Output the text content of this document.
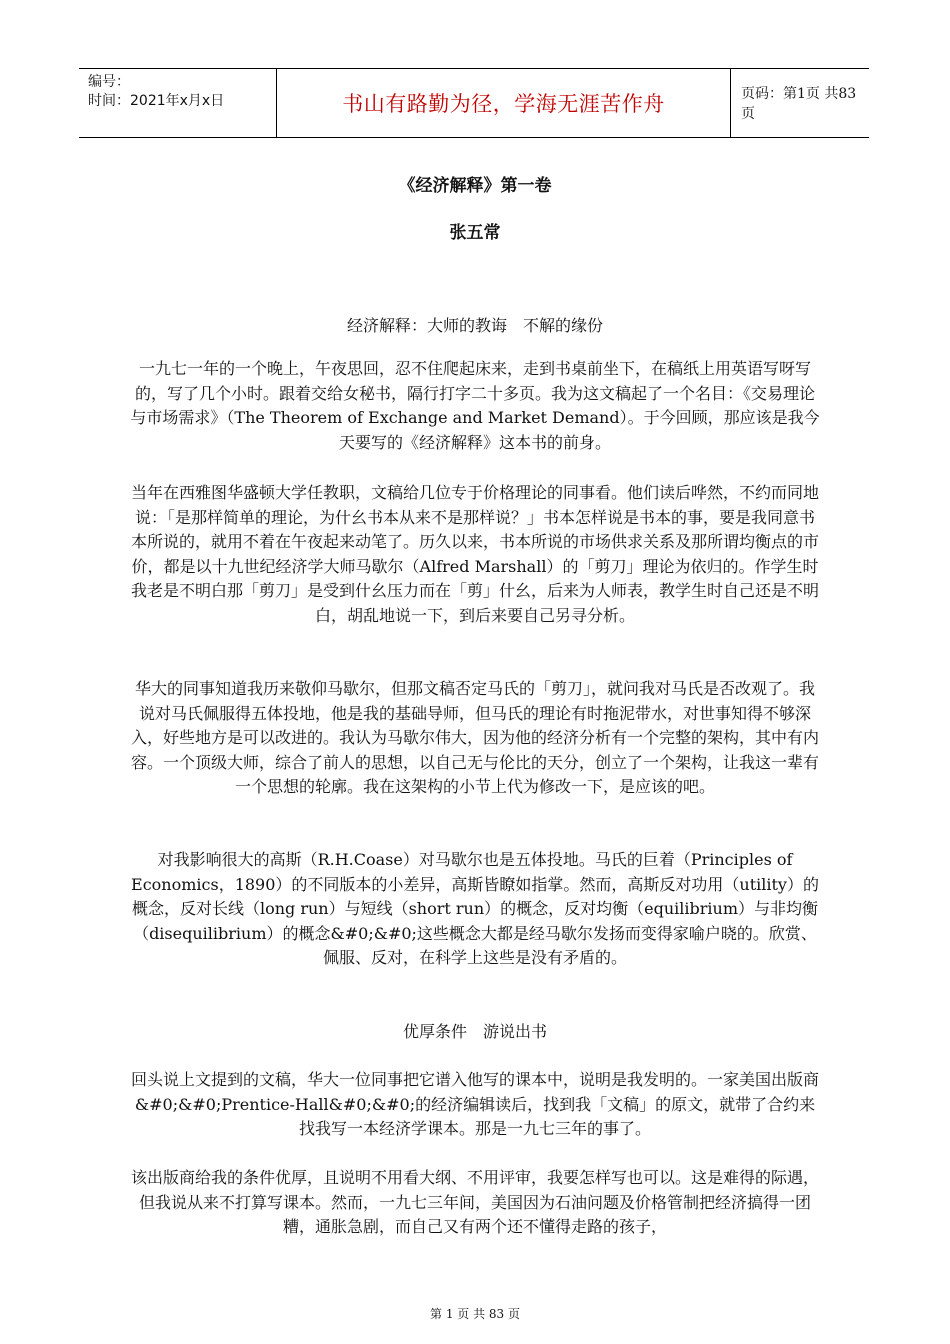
编号：
时间：2021年x月x日	书山有路勤为径，学海无涯苦作舟	页码：第1页 共83页
《经济解释》第一卷
张五常
经济解释：大师的教诲　不解的缘份
一九七一年的一个晚上，午夜思回，忍不住爬起床来，走到书桌前坐下，在稿纸上用英语写呀写的，写了几个小时。跟着交给女秘书，隔行打字二十多页。我为这文稿起了一个名目：《交易理论与市场需求》（The Theorem of Exchange and Market Demand）。于今回顾，那应该是我今天要写的《经济解释》这本书的前身。
当年在西雅图华盛顿大学任教职，文稿给几位专于价格理论的同事看。他们读后哗然，不约而同地说：「是那样简单的理论，为什幺书本从来不是那样说？」书本怎样说是书本的事，要是我同意书本所说的，就用不着在午夜起来动笔了。历久以来，书本所说的市场供求关系及那所谓均衡点的市价，都是以十九世纪经济学大师马歇尔（Alfred Marshall）的「剪刀」理论为依归的。作学生时我老是不明白那「剪刀」是受到什幺压力而在「剪」什幺，后来为人师表，教学生时自己还是不明白，胡乱地说一下，到后来要自己另寻分析。
华大的同事知道我历来敬仰马歇尔，但那文稿否定马氏的「剪刀」，就问我对马氏是否改观了。我说对马氏佩服得五体投地，他是我的基础导师，但马氏的理论有时拖泥带水，对世事知得不够深入，好些地方是可以改进的。我认为马歇尔伟大，因为他的经济分析有一个完整的架构，其中有内容。一个顶级大师，综合了前人的思想，以自己无与伦比的天分，创立了一个架构，让我这一辈有一个思想的轮廓。我在这架构的小节上代为修改一下，是应该的吧。
对我影响很大的高斯（R.H.Coase）对马歇尔也是五体投地。马氏的巨着（Principles of Economics，1890）的不同版本的小差异，高斯皆瞭如指掌。然而，高斯反对功用（utility）的概念，反对长线（long run）与短线（short run）的概念，反对均衡（equilibrium）与非均衡（disequilibrium）的概念&#0;&#0;这些概念大都是经马歇尔发扬而变得家喻户晓的。欣赏、佩服、反对，在科学上这些是没有矛盾的。
优厚条件　游说出书
回头说上文提到的文稿，华大一位同事把它谱入他写的课本中，说明是我发明的。一家美国出版商&#0;&#0;Prentice-Hall&#0;&#0;的经济编辑读后，找到我「文稿」的原文，就带了合约来找我写一本经济学课本。那是一九七三年的事了。
该出版商给我的条件优厚，且说明不用看大纲、不用评审，我要怎样写也可以。这是难得的际遇，但我说从来不打算写课本。然而，一九七三年间，美国因为石油问题及价格管制把经济搞得一团糟，通胀急剧，而自己又有两个还不懂得走路的孩子，
第 1 页 共 83 页
